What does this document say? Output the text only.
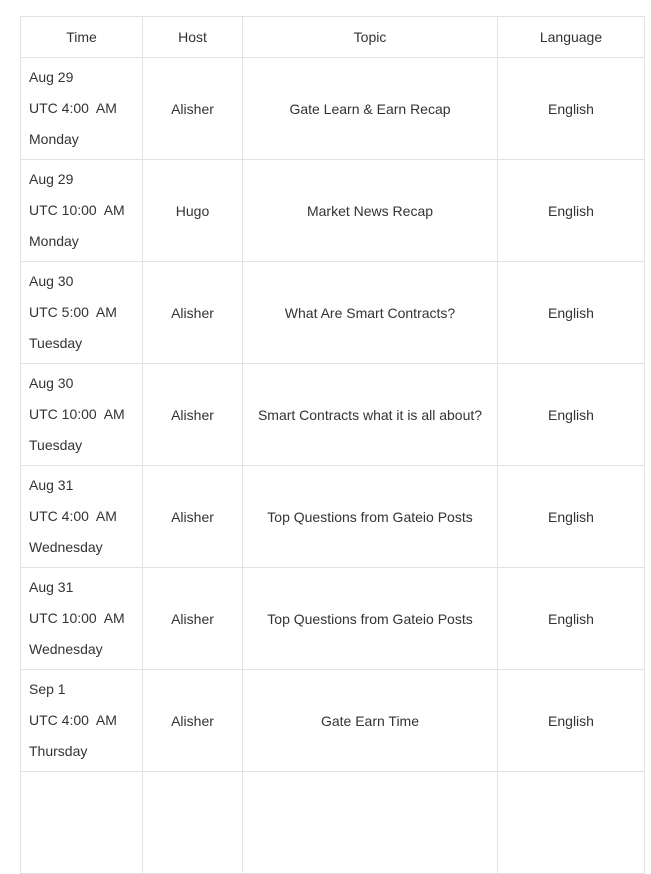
Time	Host	Topic	Language

Aug 29
UTC 4:00  AM
Monday	Alisher	Gate Learn & Earn Recap	English

Aug 29
UTC 10:00  AM
Monday	Hugo	Market News Recap	English

Aug 30
UTC 5:00  AM
Tuesday	Alisher	What Are Smart Contracts?	English

Aug 30
UTC 10:00  AM
Tuesday	Alisher	Smart Contracts what it is all about?	English

Aug 31
UTC 4:00  AM
Wednesday	Alisher	Top Questions from Gateio Posts	English

Aug 31
UTC 10:00  AM
Wednesday	Alisher	Top Questions from Gateio Posts	English

Sep 1
UTC 4:00  AM
Thursday	Alisher	Gate Earn Time	English
